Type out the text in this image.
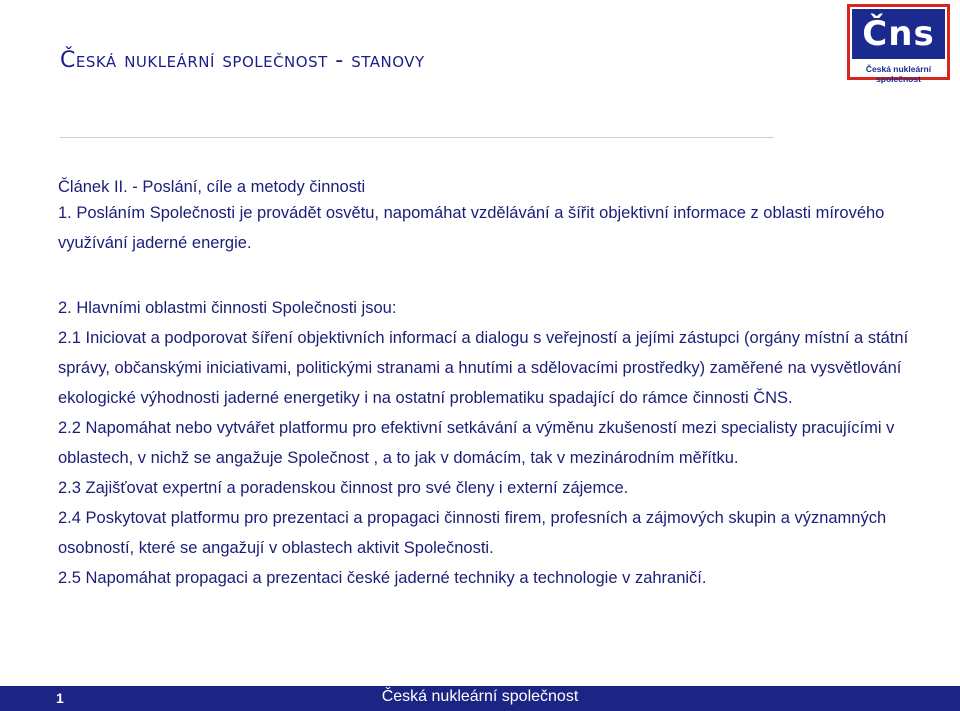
Česká nukleární společnost - stanovy
Čns
Česká nukleární společnost

Článek II. - Poslání, cíle a metody činnosti

1. Posláním Společnosti je provádět osvětu, napomáhat vzdělávání a šířit objektivní informace z oblasti mírového využívání jaderné energie.

2. Hlavními oblastmi činnosti Společnosti jsou:

2.1 Iniciovat a podporovat šíření objektivních informací a dialogu s veřejností a jejími zástupci (orgány místní a státní správy, občanskými iniciativami, politickými stranami a hnutími a sdělovacími prostředky) zaměřené na vysvětlování ekologické výhodnosti jaderné energetiky i na ostatní problematiku spadající do rámce činnosti ČNS.

2.2 Napomáhat nebo vytvářet platformu pro efektivní setkávání a výměnu zkušeností mezi specialisty pracujícími v oblastech, v nichž se angažuje Společnost , a to jak v domácím, tak v mezinárodním měřítku.

2.3 Zajišťovat expertní a poradenskou činnost pro své členy i externí zájemce.

2.4 Poskytovat platformu pro prezentaci a propagaci činnosti firem, profesních a zájmových skupin a významných osobností, které se angažují v oblastech aktivit Společnosti.

2.5 Napomáhat propagaci a prezentaci české jaderné techniky a technologie v zahraničí.

1	Česká nukleární společnost
